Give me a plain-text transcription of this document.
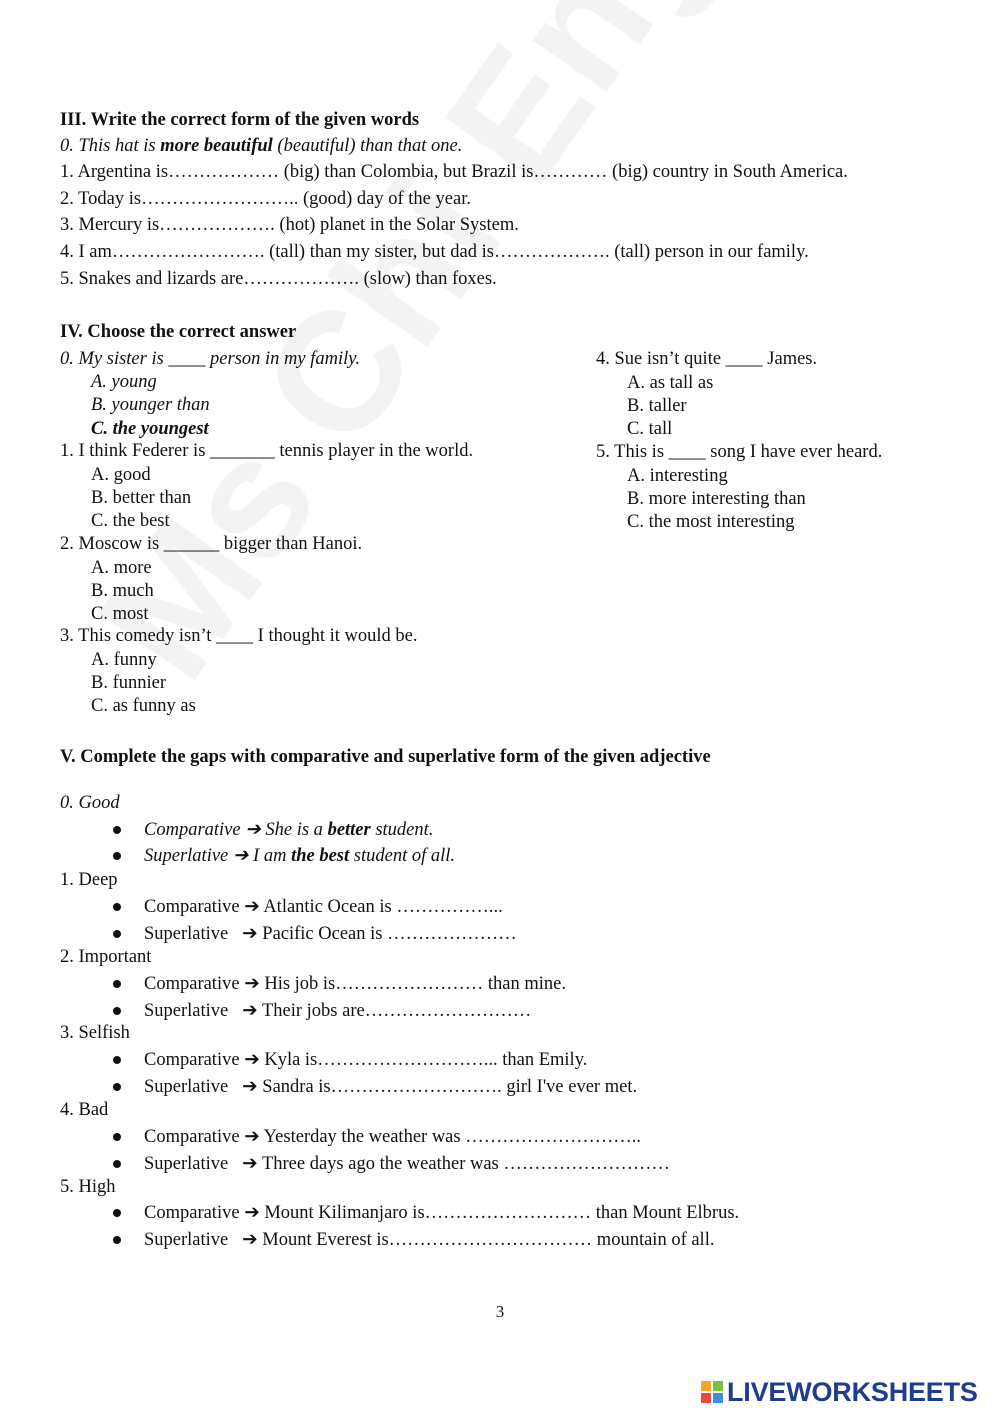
III. Write the correct form of the given words
0. This hat is more beautiful (beautiful) than that one.
1. Argentina is……………… (big) than Colombia, but Brazil is………… (big) country in South America.
2. Today is…………………….. (good) day of the year.
3. Mercury is………………. (hot) planet in the Solar System.
4. I am……………………. (tall) than my sister, but dad is………………. (tall) person in our family.
5. Snakes and lizards are………………. (slow) than foxes.
IV. Choose the correct answer
0. My sister is ____ person in my family.
A. young
B. younger than
C. the youngest
1. I think Federer is _______ tennis player in the world.
A. good
B. better than
C. the best
2. Moscow is ______ bigger than Hanoi.
A. more
B. much
C. most
3. This comedy isn’t ____ I thought it would be.
A. funny
B. funnier
C. as funny as
4. Sue isn’t quite ____ James.
A. as tall as
B. taller
C. tall
5. This is ____ song I have ever heard.
A. interesting
B. more interesting than
C. the most interesting
V. Complete the gaps with comparative and superlative form of the given adjective
0. Good
Comparative ➔ She is a better student.
Superlative ➔ I am the best student of all.
1. Deep
Comparative ➔ Atlantic Ocean is ……………...
Superlative ➔ Pacific Ocean is …………………
2. Important
Comparative ➔ His job is…………………… than mine.
Superlative ➔ Their jobs are………………………
3. Selfish
Comparative ➔ Kyla is………………………... than Emily.
Superlative ➔ Sandra is………………………. girl I've ever met.
4. Bad
Comparative ➔ Yesterday the weather was ………………………..
Superlative ➔ Three days ago the weather was ………………………
5. High
Comparative ➔ Mount Kilimanjaro is……………………… than Mount Elbrus.
Superlative ➔ Mount Everest is…………………………… mountain of all.
3
LIVEWORKSHEETS
